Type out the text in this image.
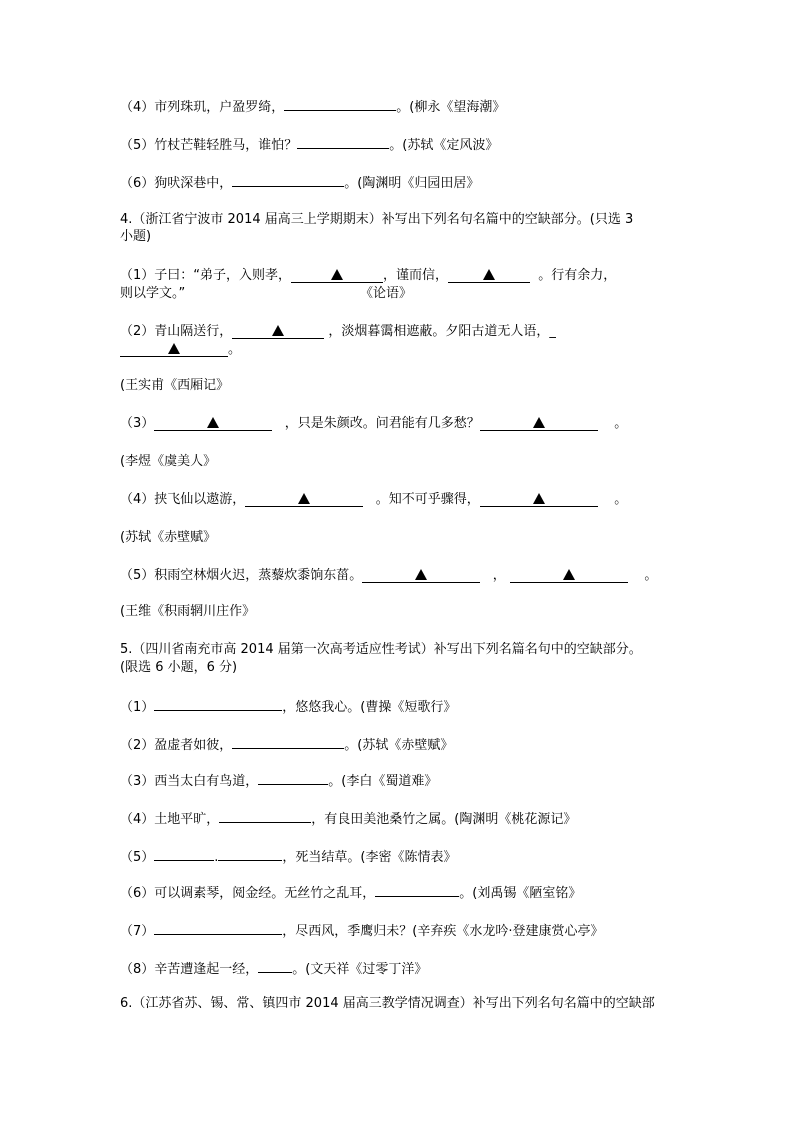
（4）市列珠玑，户盈罗绮，	。(柳永《望海潮》
（5）竹杖芒鞋轻胜马，谁怕？	。(苏轼《定风波》
（6）狗吠深巷中，	。(陶渊明《归园田居》
4.（浙江省宁波市 2014 届高三上学期期末）补写出下列名句名篇中的空缺部分。(只选 3
小题)
（1）子曰：“弟子，入则孝，	，谨而信，	。行有余力，
则以学文。”	《论语》
（2）青山隔送行，	，淡烟暮霭相遮蔽。夕阳古道无人语，_
。
(王实甫《西厢记》
（3）	，只是朱颜改。问君能有几多愁？	。
(李煜《虞美人》
（4）挟飞仙以遨游，	。知不可乎骤得，	。
(苏轼《赤壁赋》
（5）积雨空林烟火迟，蒸藜炊黍饷东菑。	，	。
(王维《积雨辋川庄作》
5.（四川省南充市高 2014 届第一次高考适应性考试）补写出下列名篇名句中的空缺部分。
(限选 6 小题，6 分)
（1）	，悠悠我心。(曹操《短歌行》
（2）盈虚者如彼，	。(苏轼《赤壁赋》
（3）西当太白有鸟道，	。(李白《蜀道难》
（4）土地平旷，	，有良田美池桑竹之属。(陶渊明《桃花源记》
（5）	.	，死当结草。(李密《陈情表》
（6）可以调素琴，阅金经。无丝竹之乱耳，	。(刘禹锡《陋室铭》
（7）	，尽西风，季鹰归未？(辛弃疾《水龙吟·登建康赏心亭》
（8）辛苦遭逢起一经，	。(文天祥《过零丁洋》
6.（江苏省苏、锡、常、镇四市 2014 届高三教学情况调查）补写出下列名句名篇中的空缺部
